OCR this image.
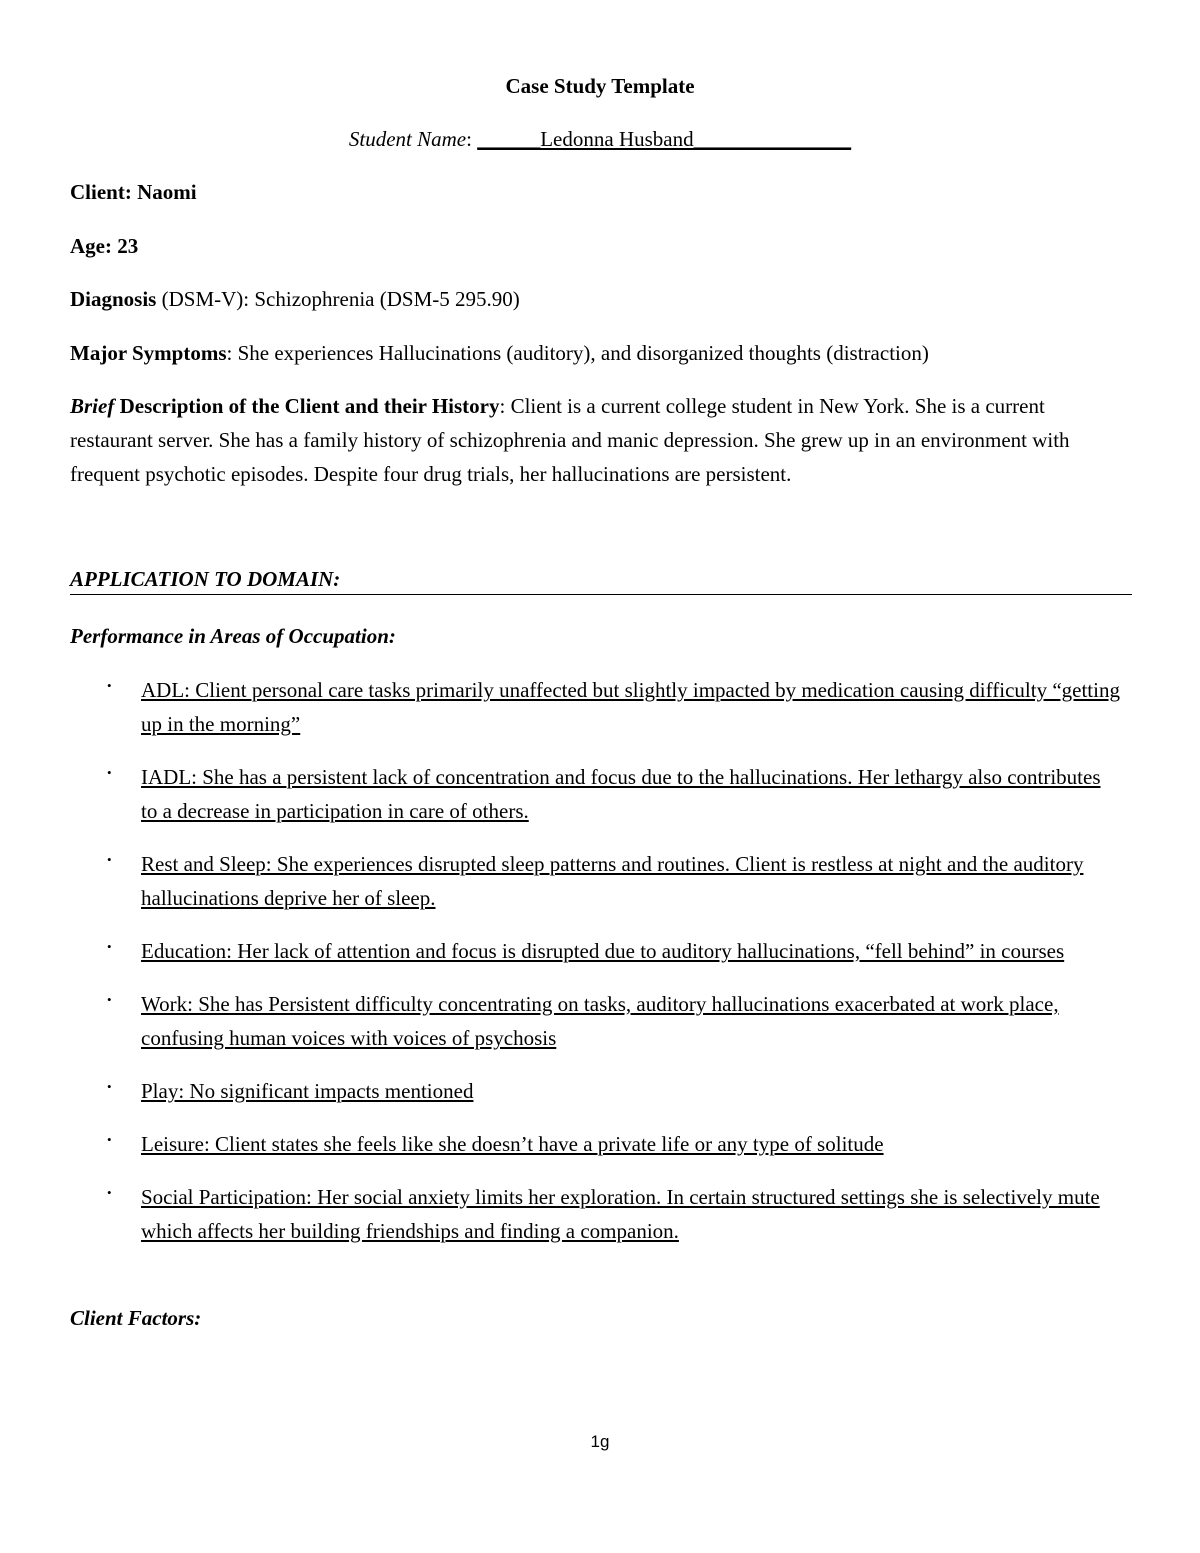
Case Study Template
Student Name: ______Ledonna Husband_______________
Client: Naomi
Age: 23
Diagnosis (DSM-V): Schizophrenia (DSM-5 295.90)
Major Symptoms: She experiences Hallucinations (auditory), and disorganized thoughts (distraction)
Brief Description of the Client and their History: Client is a current college student in New York. She is a current restaurant server. She has a family history of schizophrenia and manic depression. She grew up in an environment with frequent psychotic episodes. Despite four drug trials, her hallucinations are persistent.
APPLICATION TO DOMAIN:
Performance in Areas of Occupation:
• ADL: Client personal care tasks primarily unaffected but slightly impacted by medication causing difficulty “getting up in the morning”
• IADL: She has a persistent lack of concentration and focus due to the hallucinations. Her lethargy also contributes to a decrease in participation in care of others.
• Rest and Sleep: She experiences disrupted sleep patterns and routines. Client is restless at night and the auditory hallucinations deprive her of sleep.
• Education: Her lack of attention and focus is disrupted due to auditory hallucinations, “fell behind” in courses
• Work: She has Persistent difficulty concentrating on tasks, auditory hallucinations exacerbated at work place, confusing human voices with voices of psychosis
• Play: No significant impacts mentioned
• Leisure: Client states she feels like she doesn’t have a private life or any type of solitude
• Social Participation: Her social anxiety limits her exploration. In certain structured settings she is selectively mute which affects her building friendships and finding a companion.
Client Factors:
1g
